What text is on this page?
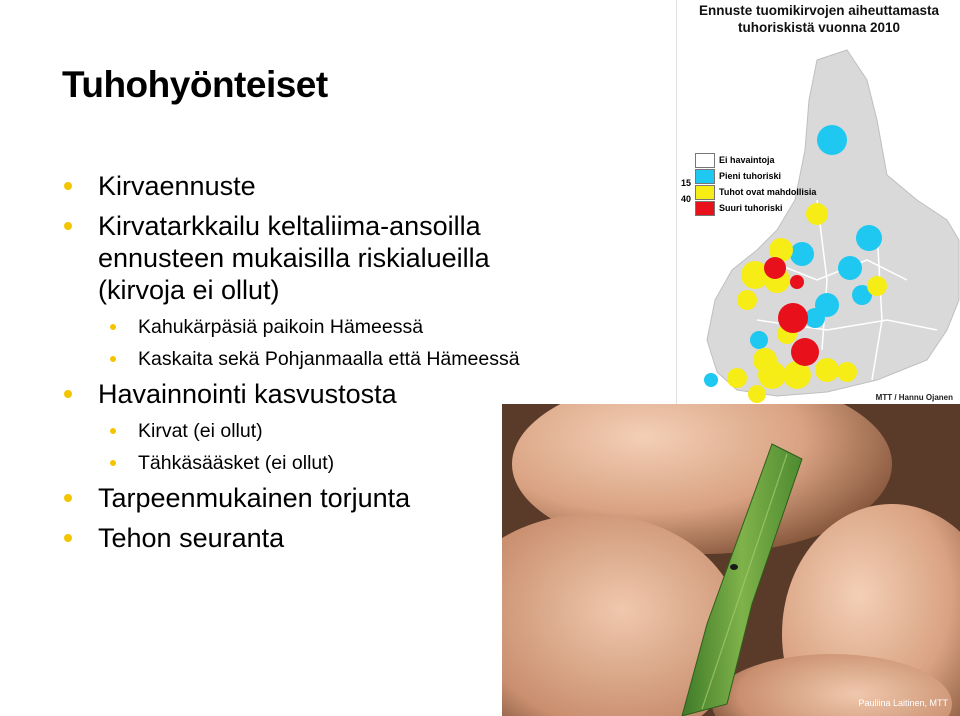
Tuhohyönteiset
Kirvaennuste
Kirvatarkkailu keltaliima-ansoilla ennusteen mukaisilla riskialueilla (kirvoja ei ollut)
Kahukärpäsiä paikoin Hämeessä
Kaskaita sekä Pohjanmaalla että Hämeessä
Havainnointi kasvustosta
Kirvat (ei ollut)
Tähkäsääsket (ei ollut)
Tarpeenmukainen torjunta
Tehon seuranta
Ennuste tuomikirvojen aiheuttamasta
tuhoriskistä vuonna 2010
Ei havaintoja
Pieni tuhoriski
Tuhot ovat mahdollisia
Suuri tuhoriski
15
40
MTT / Hannu Ojanen
Pauliina Laitinen, MTT
